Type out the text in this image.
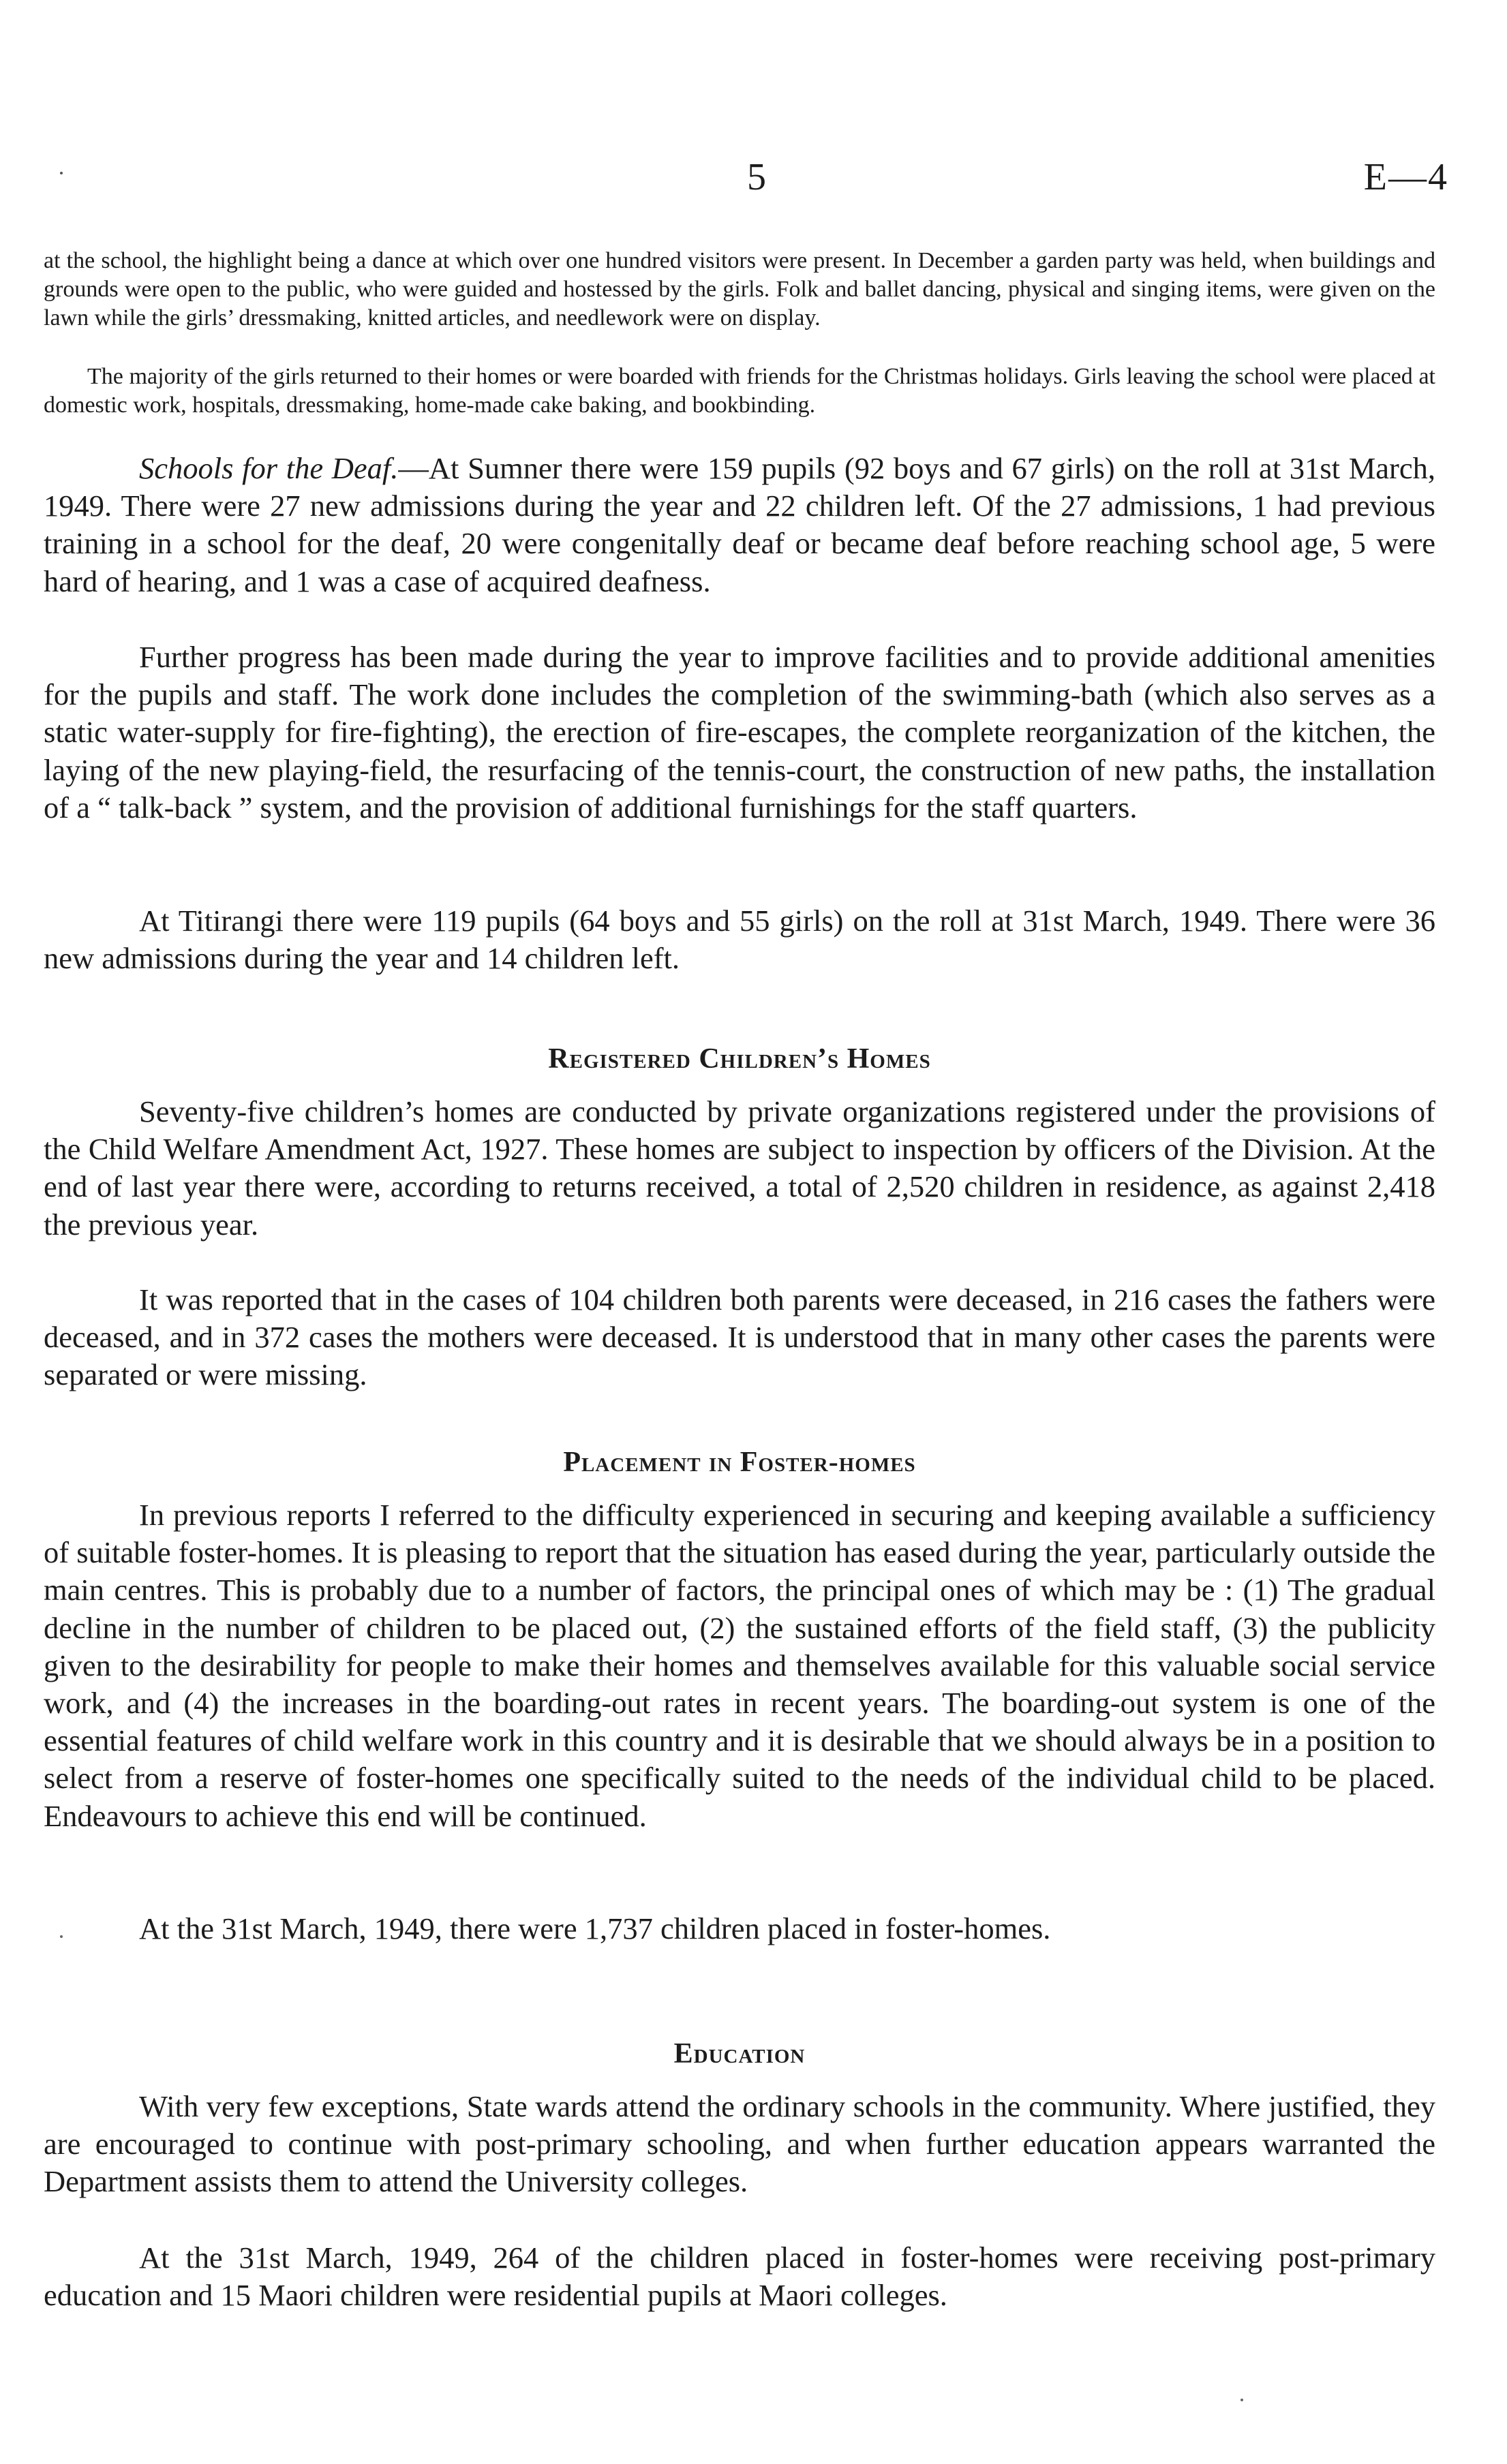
5	E—4

at the school, the highlight being a dance at which over one hundred visitors were present. In December a garden party was held, when buildings and grounds were open to the public, who were guided and hostessed by the girls. Folk and ballet dancing, physical and singing items, were given on the lawn while the girls’ dressmaking, knitted articles, and needlework were on display.

The majority of the girls returned to their homes or were boarded with friends for the Christmas holidays. Girls leaving the school were placed at domestic work, hospitals, dressmaking, home-made cake baking, and bookbinding.

Schools for the Deaf.—At Sumner there were 159 pupils (92 boys and 67 girls) on the roll at 31st March, 1949. There were 27 new admissions during the year and 22 children left. Of the 27 admissions, 1 had previous training in a school for the deaf, 20 were congenitally deaf or became deaf before reaching school age, 5 were hard of hearing, and 1 was a case of acquired deafness.

Further progress has been made during the year to improve facilities and to provide additional amenities for the pupils and staff. The work done includes the completion of the swimming-bath (which also serves as a static water-supply for fire-fighting), the erection of fire-escapes, the complete reorganization of the kitchen, the laying of the new playing-field, the resurfacing of the tennis-court, the construction of new paths, the installation of a “ talk-back ” system, and the provision of additional furnishings for the staff quarters.

At Titirangi there were 119 pupils (64 boys and 55 girls) on the roll at 31st March, 1949. There were 36 new admissions during the year and 14 children left.

Registered Children’s Homes

Seventy-five children’s homes are conducted by private organizations registered under the provisions of the Child Welfare Amendment Act, 1927. These homes are subject to inspection by officers of the Division. At the end of last year there were, according to returns received, a total of 2,520 children in residence, as against 2,418 the previous year.

It was reported that in the cases of 104 children both parents were deceased, in 216 cases the fathers were deceased, and in 372 cases the mothers were deceased. It is understood that in many other cases the parents were separated or were missing.

Placement in Foster-homes

In previous reports I referred to the difficulty experienced in securing and keeping available a sufficiency of suitable foster-homes. It is pleasing to report that the situation has eased during the year, particularly outside the main centres. This is probably due to a number of factors, the principal ones of which may be : (1) The gradual decline in the number of children to be placed out, (2) the sustained efforts of the field staff, (3) the publicity given to the desirability for people to make their homes and themselves available for this valuable social service work, and (4) the increases in the boarding-out rates in recent years. The boarding-out system is one of the essential features of child welfare work in this country and it is desirable that we should always be in a position to select from a reserve of foster-homes one specifically suited to the needs of the individual child to be placed. Endeavours to achieve this end will be continued.

At the 31st March, 1949, there were 1,737 children placed in foster-homes.

Education

With very few exceptions, State wards attend the ordinary schools in the community. Where justified, they are encouraged to continue with post-primary schooling, and when further education appears warranted the Department assists them to attend the University colleges.

At the 31st March, 1949, 264 of the children placed in foster-homes were receiving post-primary education and 15 Maori children were residential pupils at Maori colleges.
